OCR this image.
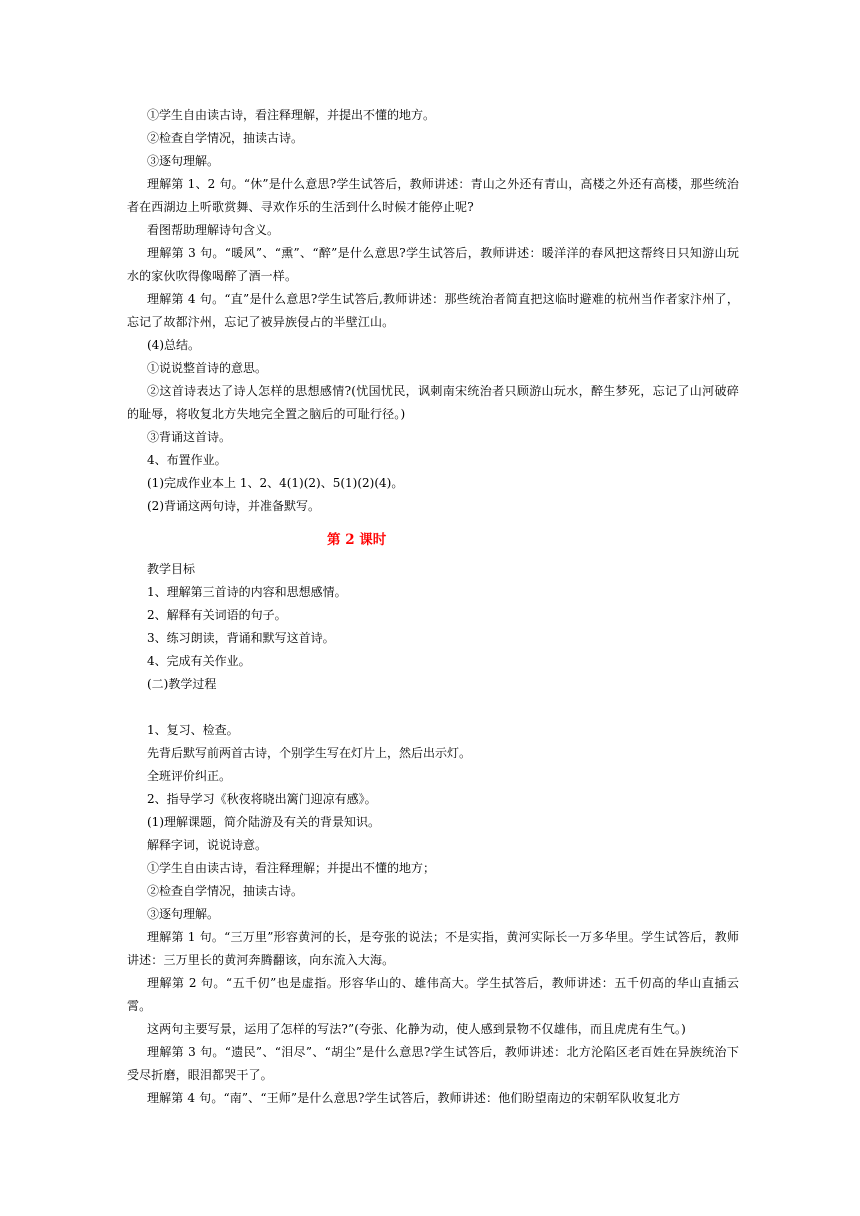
①学生自由读古诗，看注释理解，并提出不懂的地方。
②检查自学情况，抽读古诗。
③逐句理解。
理解第 1、2 句。“休”是什么意思?学生试答后，教师讲述：青山之外还有青山，高楼之外还有高楼，那些统治者在西湖边上听歌赏舞、寻欢作乐的生活到什么时候才能停止呢?
看图帮助理解诗句含义。
理解第 3 句。“暖风”、“熏”、“醉”是什么意思?学生试答后，教师讲述：暖洋洋的春风把这帮终日只知游山玩水的家伙吹得像喝醉了酒一样。
理解第 4 句。“直”是什么意思?学生试答后,教师讲述：那些统治者简直把这临时避难的杭州当作者家汴州了，忘记了故都汴州，忘记了被异族侵占的半壁江山。
(4)总结。
①说说整首诗的意思。
②这首诗表达了诗人怎样的思想感情?(忧国忧民，讽刺南宋统治者只顾游山玩水，醉生梦死，忘记了山河破碎的耻辱，将收复北方失地完全置之脑后的可耻行径。)
③背诵这首诗。
4、布置作业。
(1)完成作业本上 1、2、4(1)(2)、5(1)(2)(4)。
(2)背诵这两句诗，并准备默写。
第 2 课时
教学目标
1、理解第三首诗的内容和思想感情。
2、解释有关词语的句子。
3、练习朗读，背诵和默写这首诗。
4、完成有关作业。
(二)教学过程
1、复习、检查。
先背后默写前两首古诗，个别学生写在灯片上，然后出示灯。
全班评价纠正。
2、指导学习《秋夜将晓出篱门迎凉有感》。
(1)理解课题，简介陆游及有关的背景知识。
解释字词，说说诗意。
①学生自由读古诗，看注释理解；并提出不懂的地方；
②检查自学情况，抽读古诗。
③逐句理解。
理解第 1 句。“三万里”形容黄河的长，是夸张的说法；不是实指，黄河实际长一万多华里。学生试答后，教师讲述：三万里长的黄河奔腾翻该，向东流入大海。
理解第 2 句。“五千仞”也是虚指。形容华山的、雄伟高大。学生拭答后，教师讲述：五千仞高的华山直插云霄。
这两句主要写景，运用了怎样的写法?”(夸张、化静为动，使人感到景物不仅雄伟，而且虎虎有生气。)
理解第 3 句。“遗民”、“泪尽”、“胡尘”是什么意思?学生试答后，教师讲述：北方沦陷区老百姓在异族统治下受尽折磨，眼泪都哭干了。
理解第 4 句。“南”、“王师”是什么意思?学生试答后，教师讲述：他们盼望南边的宋朝军队收复北方
